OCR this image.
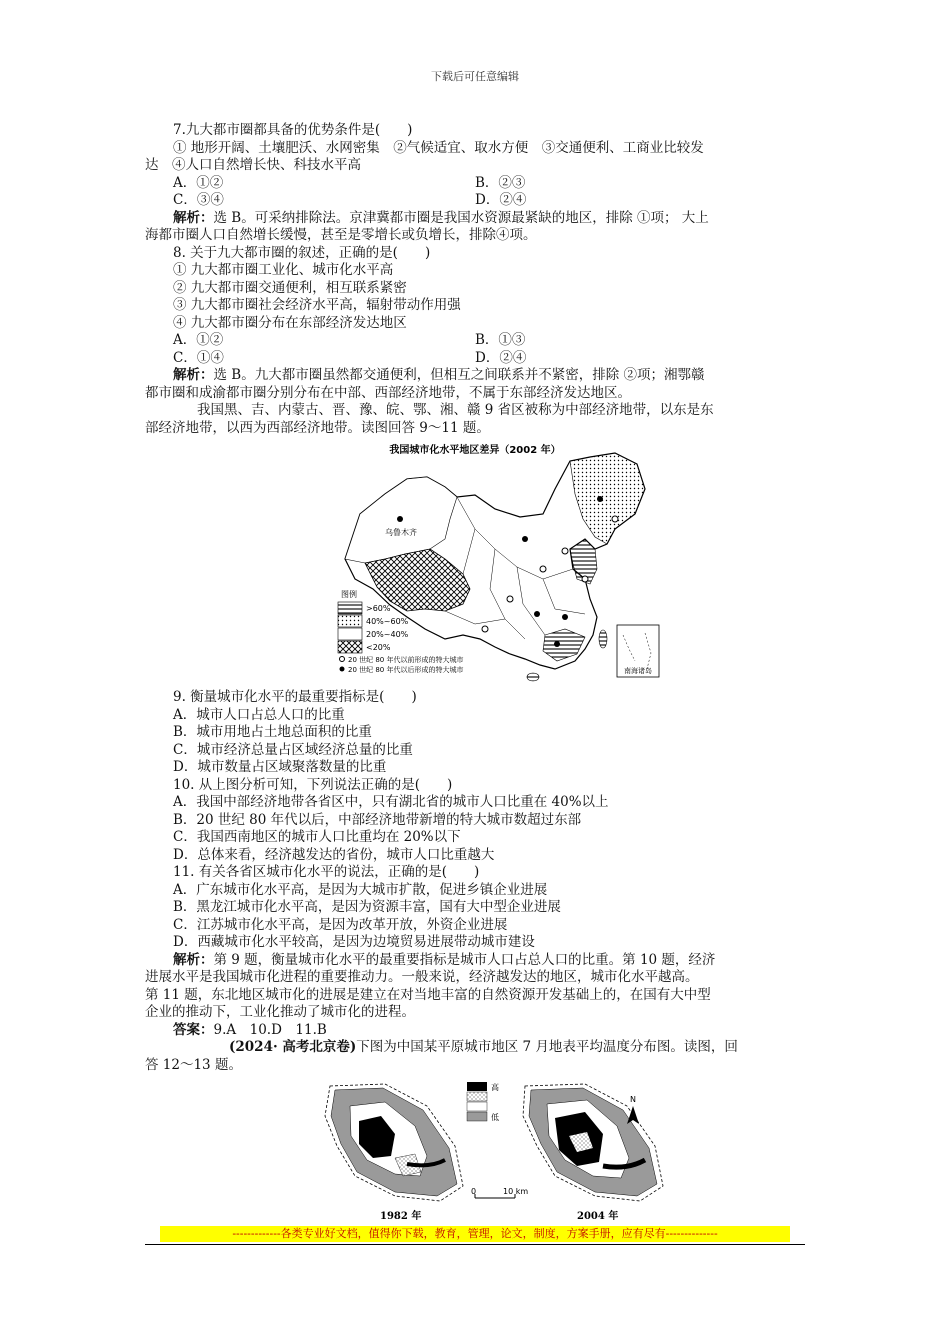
下载后可任意编辑
7.九大都市圈都具备的优势条件是(　　)
① 地形开阔、土壤肥沃、水网密集　②气候适宜、取水方便　③交通便利、工商业比较发
达　④人口自然增长快、科技水平高
A．①②	B．②③
C．③④	D．②④
解析：选 B。可采纳排除法。京津冀都市圈是我国水资源最紧缺的地区，排除 ①项； 大上
海都市圈人口自然增长缓慢，甚至是零增长或负增长，排除④项。
8. 关于九大都市圈的叙述，正确的是(　　)
① 九大都市圈工业化、城市化水平高
② 九大都市圈交通便利，相互联系紧密
③ 九大都市圈社会经济水平高，辐射带动作用强
④ 九大都市圈分布在东部经济发达地区
A．①②	B．①③
C．①④	D．②④
解析：选 B。九大都市圈虽然都交通便利，但相互之间联系并不紧密，排除 ②项；湘鄂赣
都市圈和成渝都市圈分别分布在中部、西部经济地带，不属于东部经济发达地区。
我国黑、吉、内蒙古、晋、豫、皖、鄂、湘、赣 9 省区被称为中部经济地带，以东是东
部经济地带，以西为西部经济地带。读图回答 9～11 题。
我国城市化水平地区差异（2002 年）
乌鲁木齐
南海诸岛
图例
>60%
40%~60%
20%~40%
<20%
20 世纪 80 年代以前形成的特大城市
20 世纪 80 年代以后形成的特大城市
9. 衡量城市化水平的最重要指标是(　　)
A．城市人口占总人口的比重
B．城市用地占土地总面积的比重
C．城市经济总量占区域经济总量的比重
D．城市数量占区域聚落数量的比重
10. 从上图分析可知，下列说法正确的是(　　)
A．我国中部经济地带各省区中，只有湖北省的城市人口比重在 40%以上
B．20 世纪 80 年代以后，中部经济地带新增的特大城市数超过东部
C．我国西南地区的城市人口比重均在 20%以下
D．总体来看，经济越发达的省份，城市人口比重越大
11. 有关各省区城市化水平的说法，正确的是(　　)
A．广东城市化水平高，是因为大城市扩散，促进乡镇企业进展
B．黑龙江城市化水平高，是因为资源丰富，国有大中型企业进展
C．江苏城市化水平高，是因为改革开放，外资企业进展
D．西藏城市化水平较高，是因为边境贸易进展带动城市建设
解析：第 9 题，衡量城市化水平的最重要指标是城市人口占总人口的比重。第 10 题，经济
进展水平是我国城市化进程的重要推动力。一般来说，经济越发达的地区，城市化水平越高。
第 11 题，东北地区城市化的进展是建立在对当地丰富的自然资源开发基础上的，在国有大中型
企业的推动下，工业化推动了城市化的进程。
答案：9.A　10.D　11.B
(2024· 高考北京卷)下图为中国某平原城市地区 7 月地表平均温度分布图。读图，回
答 12～13 题。
高
低
N
0	10 km
1982 年	2004 年
-------------各类专业好文档，值得你下载，教育，管理，论文，制度，方案手册，应有尽有--------------
